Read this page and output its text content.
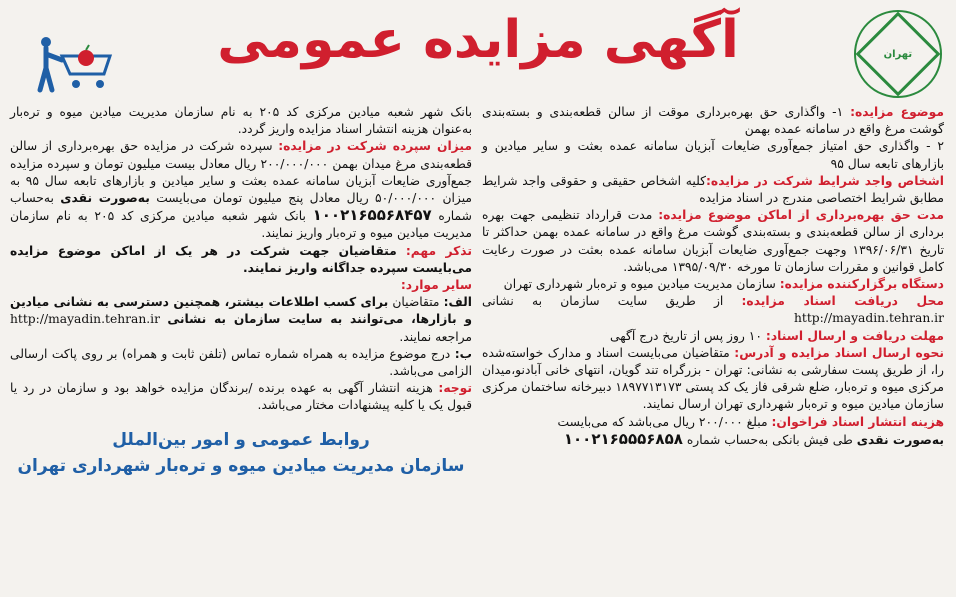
آگهی مزایده عمومی	تهران

موضوع مزایده: ۱- واگذاری حق بهره‌برداری موقت از سالن قطعه‌بندی و بسته‌بندی گوشت مرغ واقع در سامانه عمده بهمن

۲ - واگذاری حق امتیاز جمع‌آوری ضایعات آبزیان سامانه عمده بعثت و سایر میادین و بازارهای تابعه سال ۹۵

اشخاص واجد شرایط شرکت در مزایده:کلیه اشخاص حقیقی و حقوقی واجد شرایط مطابق شرایط اختصاصی مندرج در اسناد مزایده

مدت حق بهره‌برداری از اماکن موضوع مزایده: مدت قرارداد تنظیمی جهت بهره برداری از سالن قطعه‌بندی و بسته‌بندی گوشت مرغ واقع در سامانه عمده بهمن حداکثر تا تاریخ ۱۳۹۶/۰۶/۳۱ وجهت جمع‌آوری ضایعات آبزیان سامانه عمده بعثت در صورت رعایت کامل قوانین و مقررات سازمان تا مورخه ۱۳۹۵/۰۹/۳۰ می‌باشد.

دستگاه برگزارکننده مزایده: سازمان مدیریت میادین میوه و تره‌بار شهرداری تهران

محل دریافت اسناد مزایده: از طریق سایت سازمان به نشانی http://mayadin.tehran.ir

مهلت دریافت و ارسال اسناد: ۱۰ روز پس از تاریخ درج آگهی

نحوه ارسال اسناد مزایده و آدرس: متقاضیان می‌بایست اسناد و مدارک خواسته‌شده را، از طریق پست سفارشی به نشانی: تهران - بزرگراه تند گویان، انتهای خانی آبادنو،میدان مرکزی میوه و تره‌بار، ضلع شرقی فاز یک کد پستی ۱۸۹۷۷۱۳۱۷۳ دبیرخانه ساختمان مرکزی سازمان میادین میوه و تره‌بار شهرداری تهران ارسال نمایند.

هزینه انتشار اسناد فراخوان: مبلغ ۲۰۰/۰۰۰ ریال می‌باشد که می‌بایست

به‌صورت نقدی طی فیش بانکی به‌حساب شماره ۱۰۰۲۱۶۵۵۵۶۸۵۸

بانک شهر شعبه میادین مرکزی کد ۲۰۵ به نام سازمان مدیریت میادین میوه و تره‌بار به‌عنوان هزینه انتشار اسناد مزایده واریز گردد.

میزان سپرده شرکت در مزایده: سپرده شرکت در مزایده حق بهره‌برداری از سالن قطعه‌بندی مرغ میدان بهمن ۲۰۰/۰۰۰/۰۰۰ ریال معادل بیست میلیون تومان و سپرده مزایده جمع‌آوری ضایعات آبزیان سامانه عمده بعثت و سایر میادین و بازارهای تابعه سال ۹۵ به میزان ۵۰/۰۰۰/۰۰۰ ریال معادل پنج میلیون تومان می‌بایست به‌صورت نقدی به‌حساب شماره ۱۰۰۲۱۶۵۵۶۸۴۵۷ بانک شهر شعبه میادین مرکزی کد ۲۰۵ به نام سازمان مدیریت میادین میوه و تره‌بار واریز نمایند.

تذکر مهم: متقاضیان جهت شرکت در هر یک از اماکن موضوع مزایده می‌بایست سپرده جداگانه واریز نمایند.

سایر موارد:

الف: متقاضیان برای کسب اطلاعات بیشتر، همچنین دسترسی به نشانی میادین و بازارها، می‌توانند به سایت سازمان به نشانی http://mayadin.tehran.ir مراجعه نمایند.

ب: درج موضوع مزایده به همراه شماره تماس (تلفن ثابت و همراه) بر روی پاکت ارسالی الزامی می‌باشد.

توجه: هزینه انتشار آگهی به عهده برنده /برندگان مزایده خواهد بود و سازمان در رد یا قبول یک یا کلیه پیشنهادات مختار می‌باشد.

روابط عمومی و امور بین‌الملل
سازمان مدیریت میادین میوه و تره‌بار شهرداری تهران
